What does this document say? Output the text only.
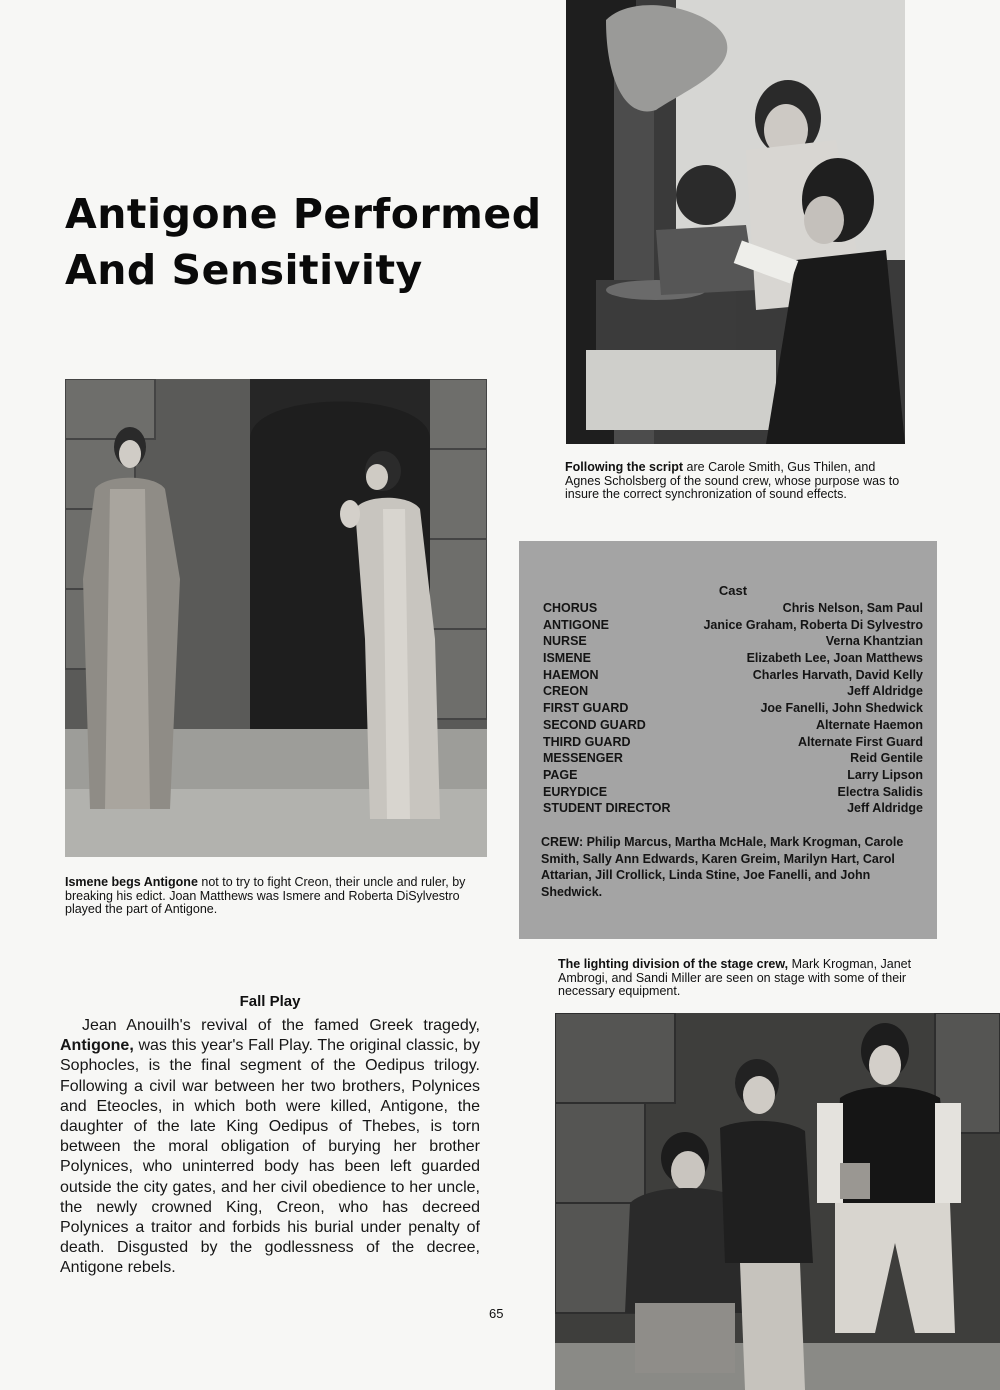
Antigone Performed
And Sensitivity
Following the script are Carole Smith, Gus Thilen, and Agnes Scholsberg of the sound crew, whose purpose was to insure the correct synchronization of sound effects.
Ismene begs Antigone not to try to fight Creon, their uncle and ruler, by breaking his edict. Joan Matthews was Ismere and Roberta DiSylvestro played the part of Antigone.
Cast
CHORUS	Chris Nelson, Sam Paul
ANTIGONE	Janice Graham, Roberta Di Sylvestro
NURSE	Verna Khantzian
ISMENE	Elizabeth Lee, Joan Matthews
HAEMON	Charles Harvath, David Kelly
CREON	Jeff Aldridge
FIRST GUARD	Joe Fanelli, John Shedwick
SECOND GUARD	Alternate Haemon
THIRD GUARD	Alternate First Guard
MESSENGER	Reid Gentile
PAGE	Larry Lipson
EURYDICE	Electra Salidis
STUDENT DIRECTOR	Jeff Aldridge
CREW: Philip Marcus, Martha McHale, Mark Krogman, Carole Smith, Sally Ann Edwards, Karen Greim, Marilyn Hart, Carol Attarian, Jill Crollick, Linda Stine, Joe Fanelli, and John Shedwick.
The lighting division of the stage crew, Mark Krogman, Janet Ambrogi, and Sandi Miller are seen on stage with some of their necessary equipment.
Fall Play
Jean Anouilh's revival of the famed Greek tragedy, Antigone, was this year's Fall Play. The original classic, by Sophocles, is the final segment of the Oedipus trilogy. Following a civil war between her two brothers, Polynices and Eteocles, in which both were killed, Antigone, the daughter of the late King Oedipus of Thebes, is torn between the moral obligation of burying her brother Polynices, who uninterred body has been left guarded outside the city gates, and her civil obedience to her uncle, the newly crowned King, Creon, who has decreed Polynices a traitor and forbids his burial under penalty of death. Disgusted by the godlessness of the decree, Antigone rebels.
65
